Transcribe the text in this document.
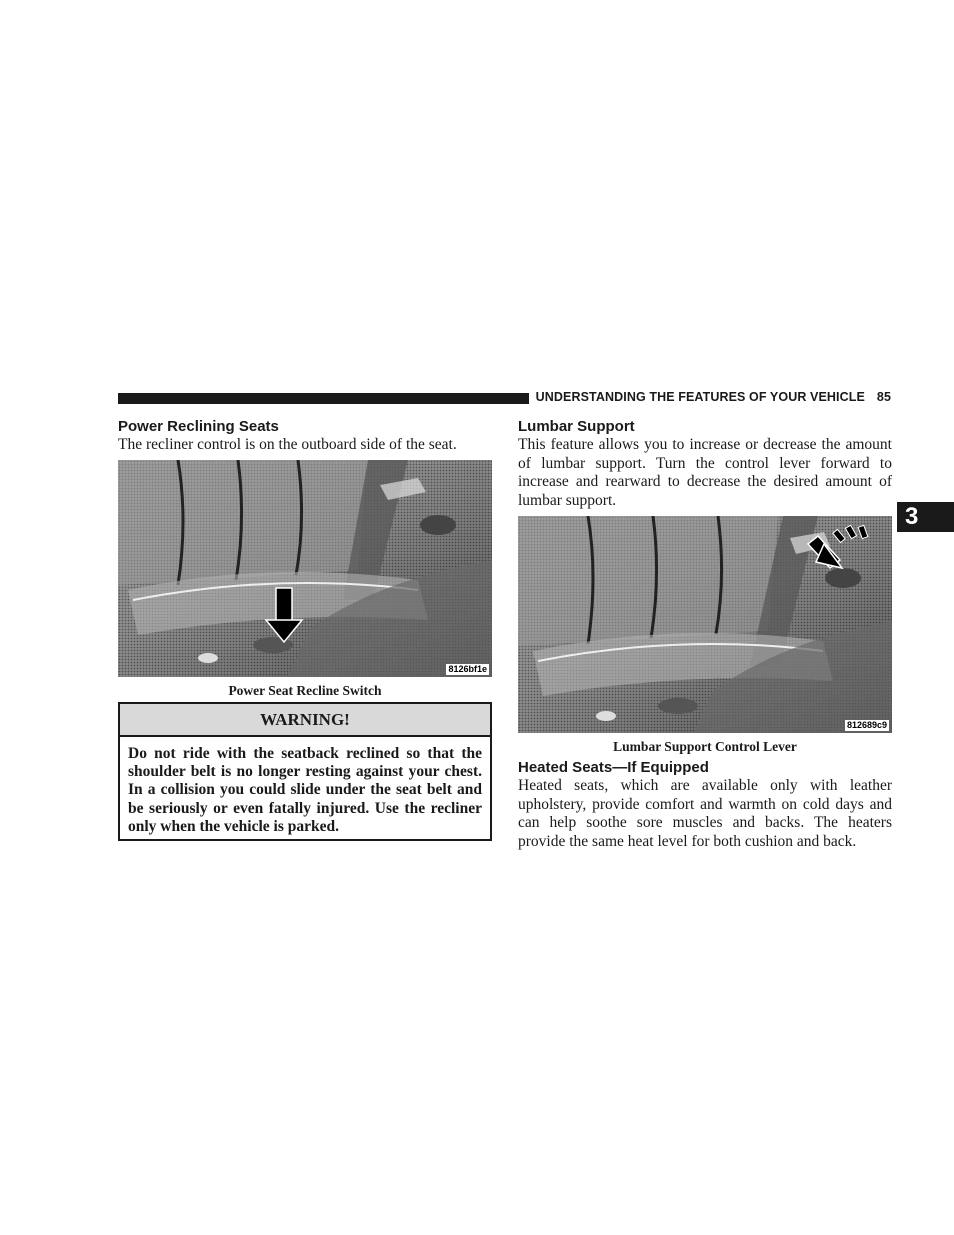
UNDERSTANDING THE FEATURES OF YOUR VEHICLE 85
3
Power Reclining Seats

The recliner control is on the outboard side of the seat.

8126bf1e

Power Seat Recline Switch

WARNING!

Do not ride with the seatback reclined so that the shoulder belt is no longer resting against your chest. In a collision you could slide under the seat belt and be seriously or even fatally injured. Use the recliner only when the vehicle is parked.

Lumbar Support

This feature allows you to increase or decrease the amount of lumbar support. Turn the control lever forward to increase and rearward to decrease the desired amount of lumbar support.

812689c9

Lumbar Support Control Lever

Heated Seats—If Equipped

Heated seats, which are available only with leather upholstery, provide comfort and warmth on cold days and can help soothe sore muscles and backs. The heaters provide the same heat level for both cushion and back.
